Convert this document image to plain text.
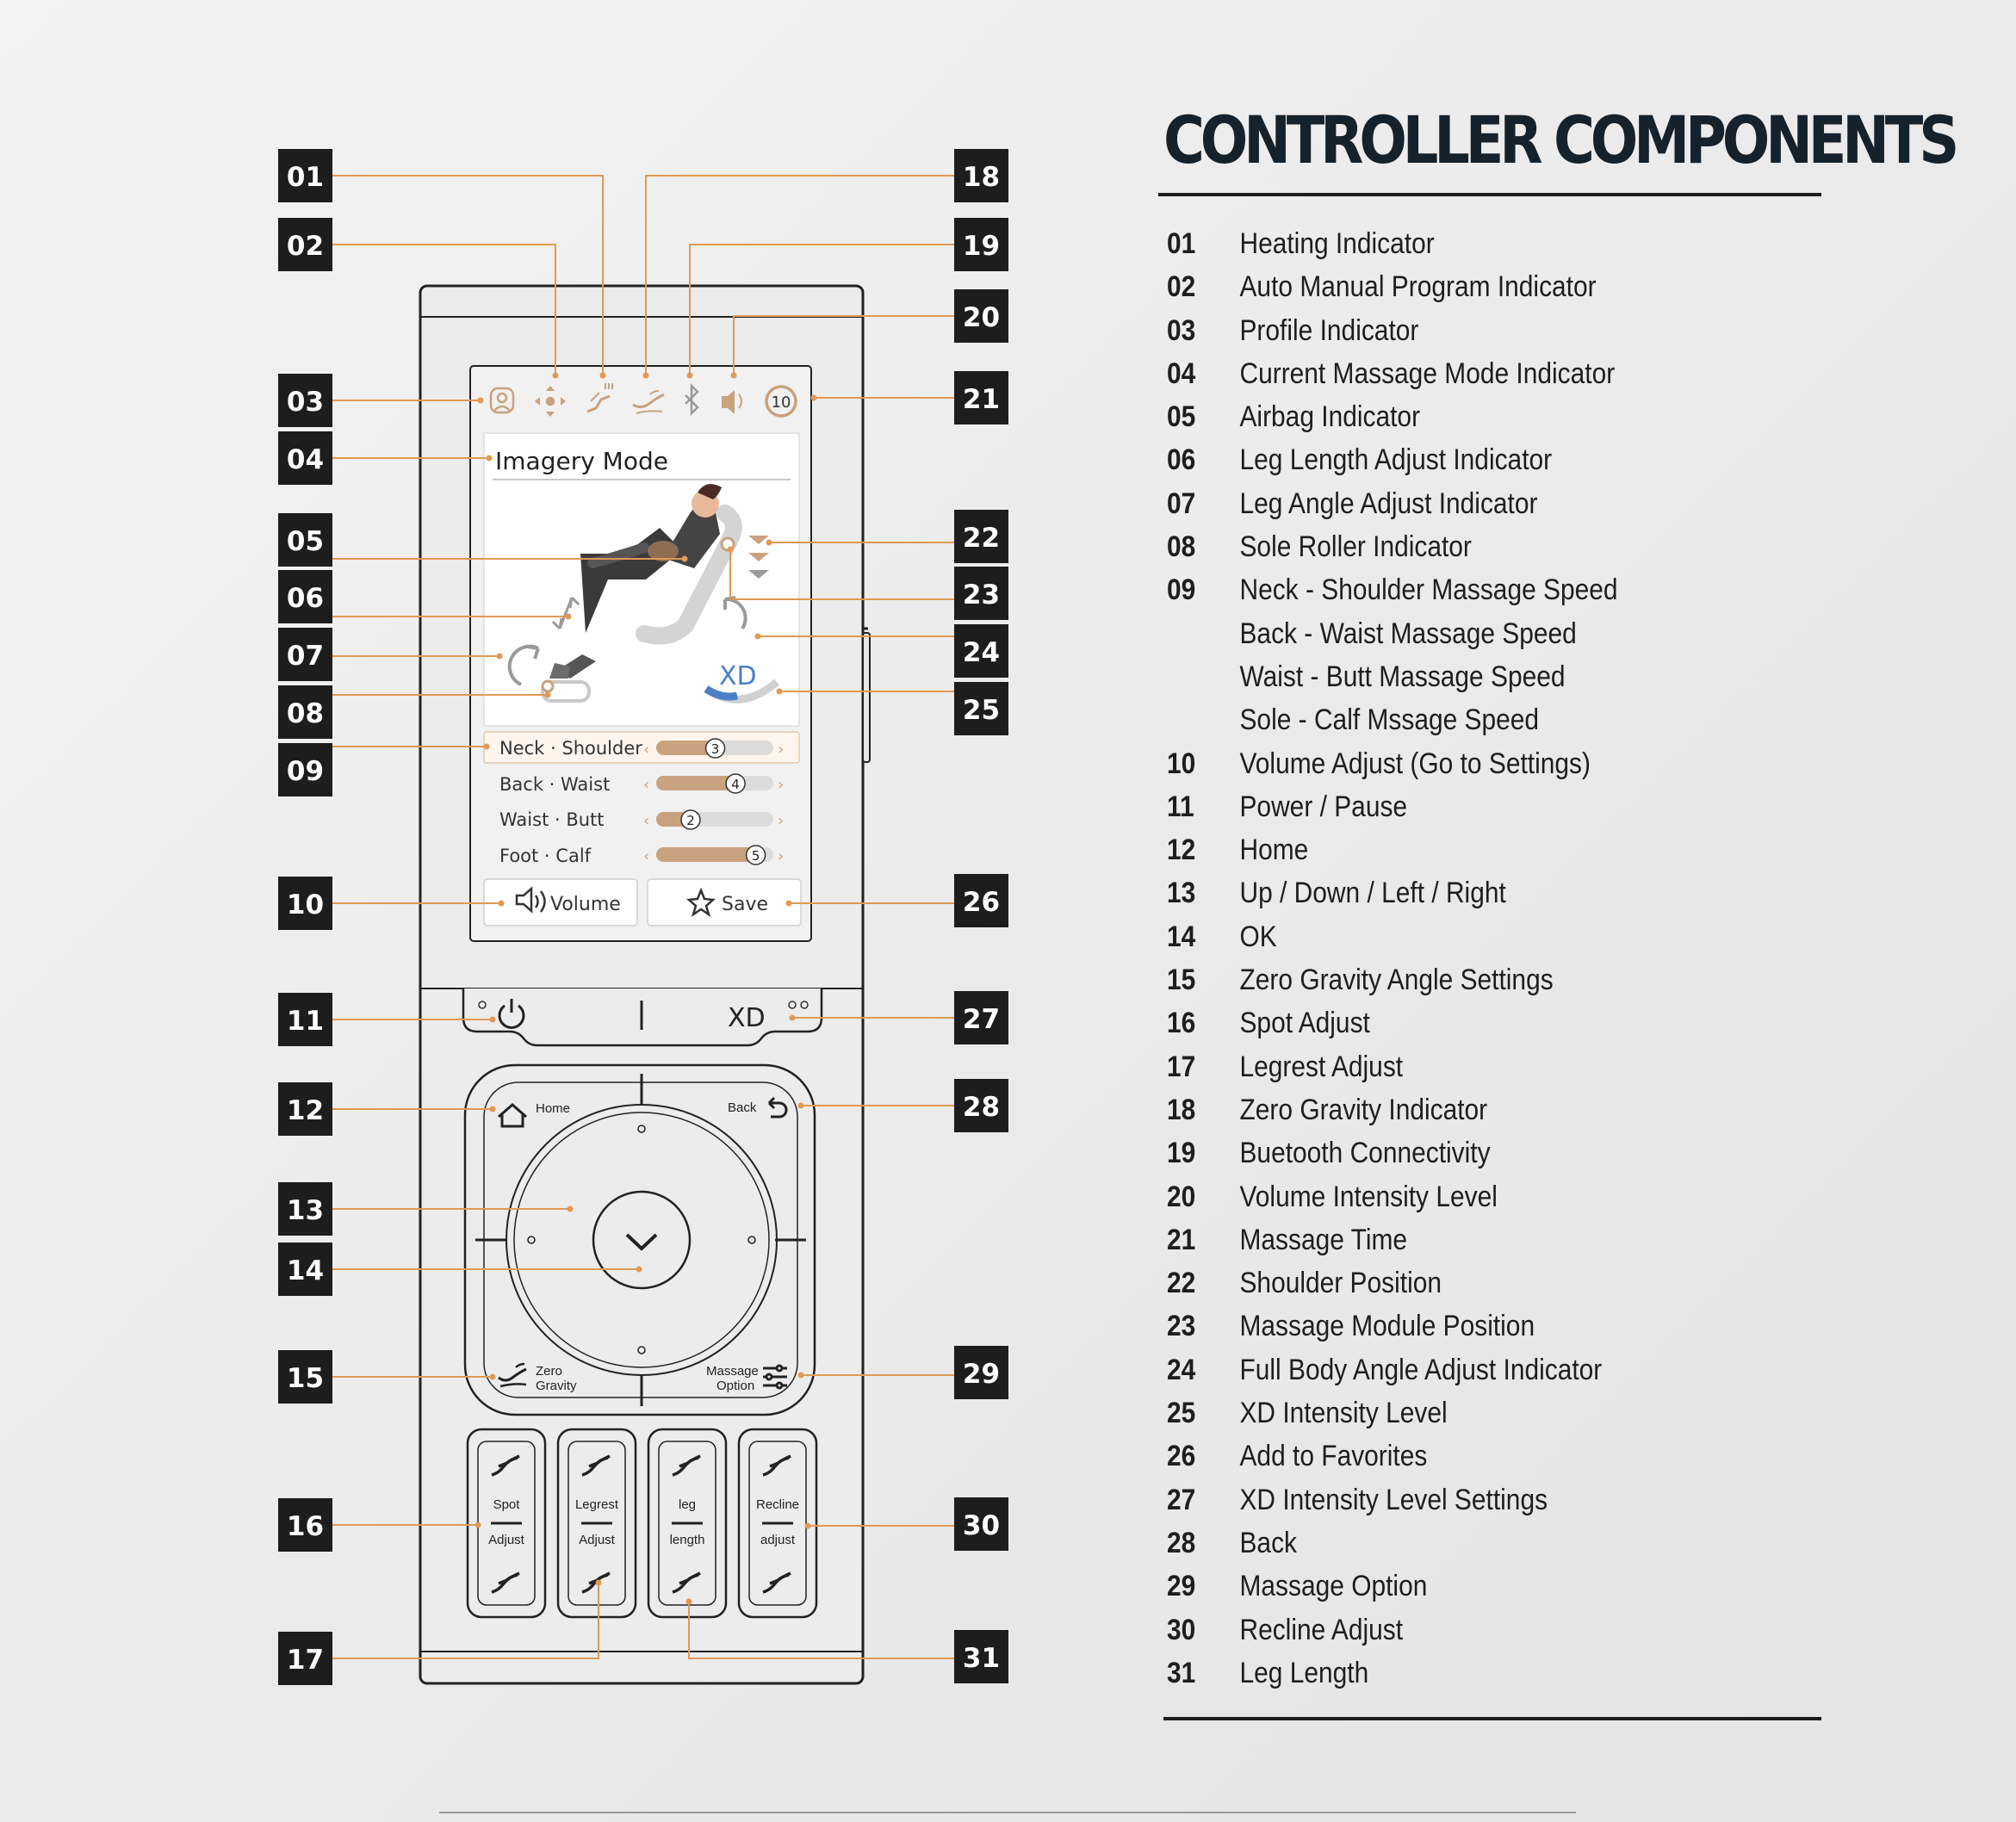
10
Imagery Mode
XD
Neck · Shoulder
Back · Waist
Waist · Butt
Foot · Calf
‹	›
3
‹	›
4
‹	›
2
‹	›
5
Volume	Save
XD
Home	Back
Zero
Gravity
Massage
Option
Spot
Adjust
Legrest
Adjust
leg
length
Recline
adjust
01
02
03
04
05
06
07
08
09
10
11
12
13
14
15
16
17
18
19
20
21
22
23
24
25
26
27
28
29
30
31
CONTROLLER COMPONENTS
01 Heating Indicator
02 Auto Manual Program Indicator
03 Profile Indicator
04 Current Massage Mode Indicator
05 Airbag Indicator
06 Leg Length Adjust Indicator
07 Leg Angle Adjust Indicator
08 Sole Roller Indicator
09 Neck - Shoulder Massage Speed
Back - Waist Massage Speed
Waist - Butt Massage Speed
Sole - Calf Mssage Speed
10 Volume Adjust (Go to Settings)
11 Power / Pause
12 Home
13 Up / Down / Left / Right
14 OK
15 Zero Gravity Angle Settings
16 Spot Adjust
17 Legrest Adjust
18 Zero Gravity Indicator
19 Buetooth Connectivity
20 Volume Intensity Level
21 Massage Time
22 Shoulder Position
23 Massage Module Position
24 Full Body Angle Adjust Indicator
25 XD Intensity Level
26 Add to Favorites
27 XD Intensity Level Settings
28 Back
29 Massage Option
30 Recline Adjust
31 Leg Length
